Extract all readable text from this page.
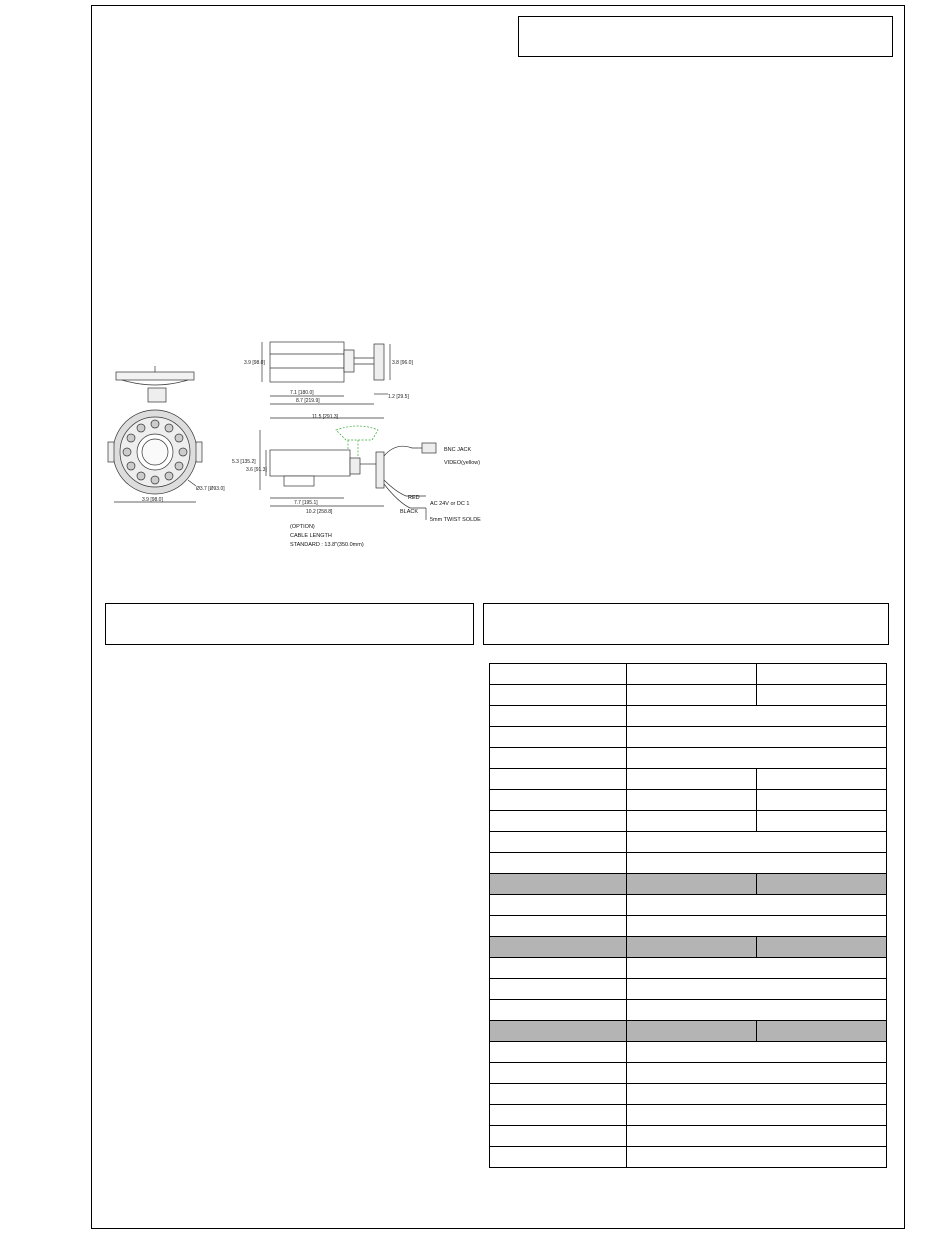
3.9 [98.0]	3.8 [96.0]
7.1 [180.0]
8.7 [219.9]
1.2 [29.5]
11.5 [291.3]
5.3 [135.2]
3.6 [91.3]
7.7 [195.1]
10.2 [258.8]
Ø3.7 [Ø93.0]
3.9 [98.0]
BNC JACK
VIDEO(yellow)
RED
AC 24V or DC 1
BLACK
5mm TWIST SOLDE
(OPTION)
CABLE LENGTH
STANDARD : 13.8"(350.0mm)
